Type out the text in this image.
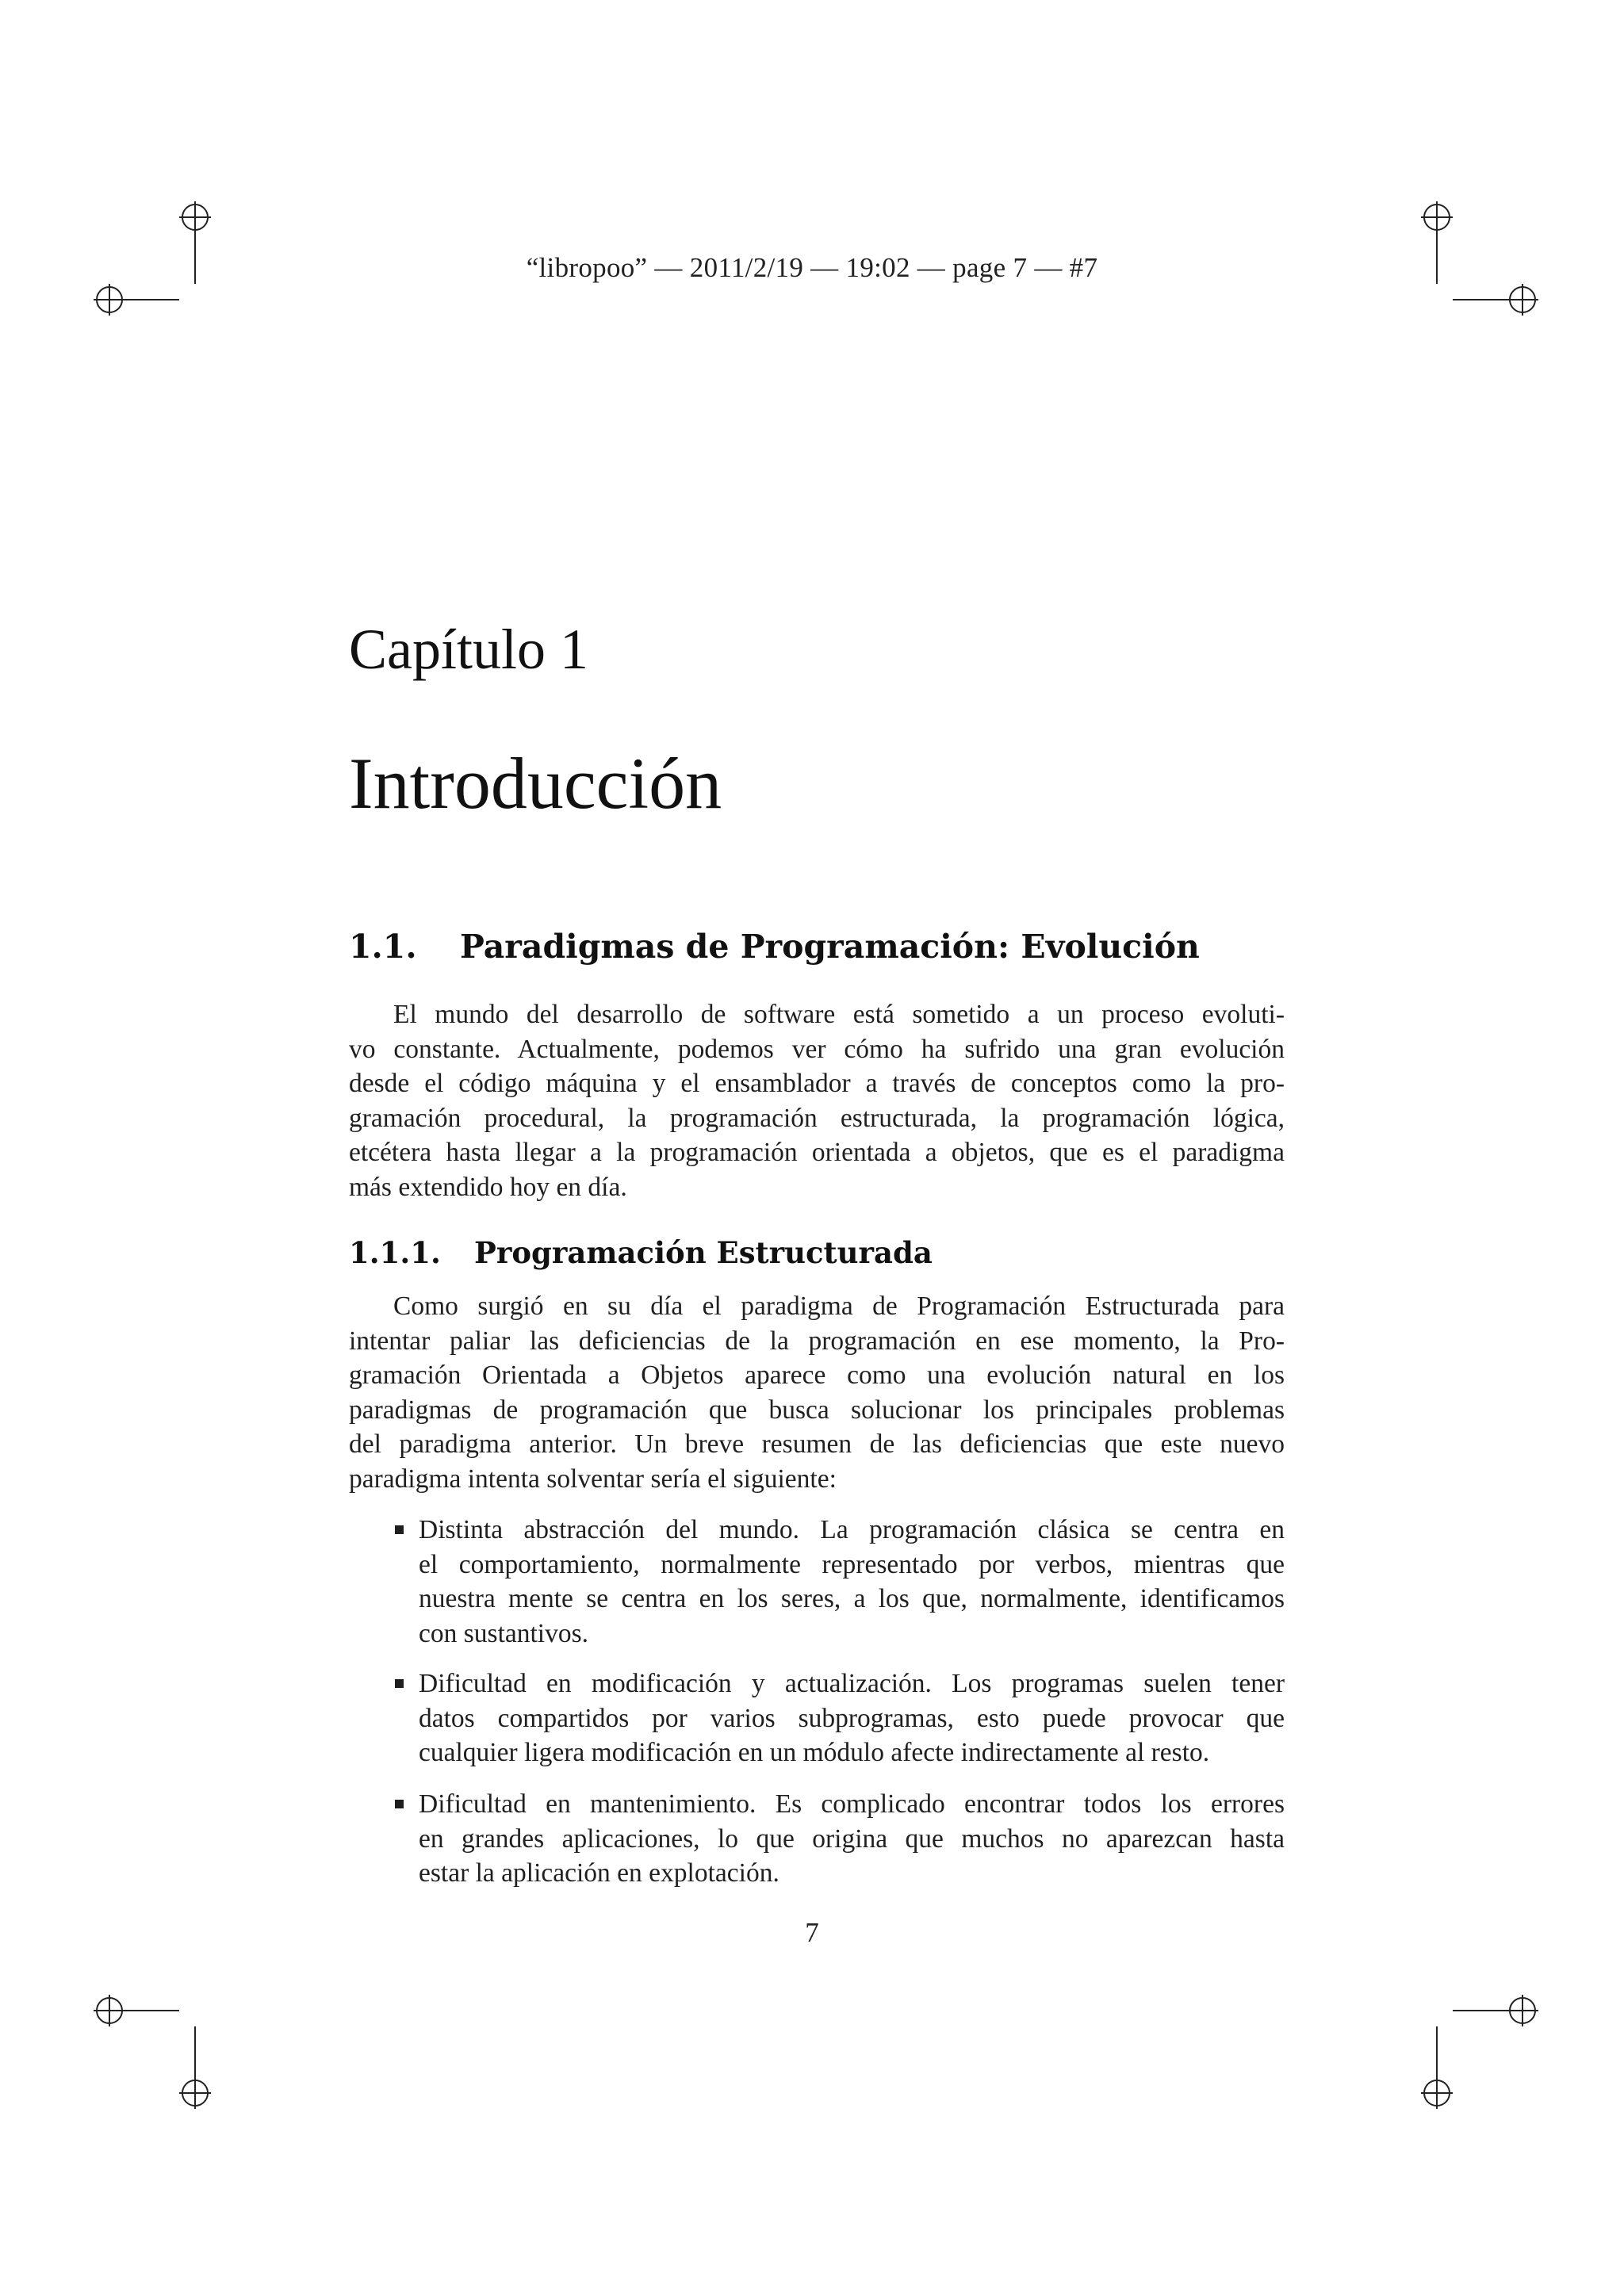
“libropoo” — 2011/2/19 — 19:02 — page 7 — #7
Capítulo 1
Introducción
1.1. Paradigmas de Programación: Evolución
El mundo del desarrollo de software está sometido a un proceso evoluti-
vo constante. Actualmente, podemos ver cómo ha sufrido una gran evolución
desde el código máquina y el ensamblador a través de conceptos como la pro-
gramación procedural, la programación estructurada, la programación lógica,
etcétera hasta llegar a la programación orientada a objetos, que es el paradigma
más extendido hoy en día.
1.1.1. Programación Estructurada
Como surgió en su día el paradigma de Programación Estructurada para
intentar paliar las deficiencias de la programación en ese momento, la Pro-
gramación Orientada a Objetos aparece como una evolución natural en los
paradigmas de programación que busca solucionar los principales problemas
del paradigma anterior. Un breve resumen de las deficiencias que este nuevo
paradigma intenta solventar sería el siguiente:
Distinta abstracción del mundo. La programación clásica se centra en
el comportamiento, normalmente representado por verbos, mientras que
nuestra mente se centra en los seres, a los que, normalmente, identificamos
con sustantivos.
Dificultad en modificación y actualización. Los programas suelen tener
datos compartidos por varios subprogramas, esto puede provocar que
cualquier ligera modificación en un módulo afecte indirectamente al resto.
Dificultad en mantenimiento. Es complicado encontrar todos los errores
en grandes aplicaciones, lo que origina que muchos no aparezcan hasta
estar la aplicación en explotación.
7
